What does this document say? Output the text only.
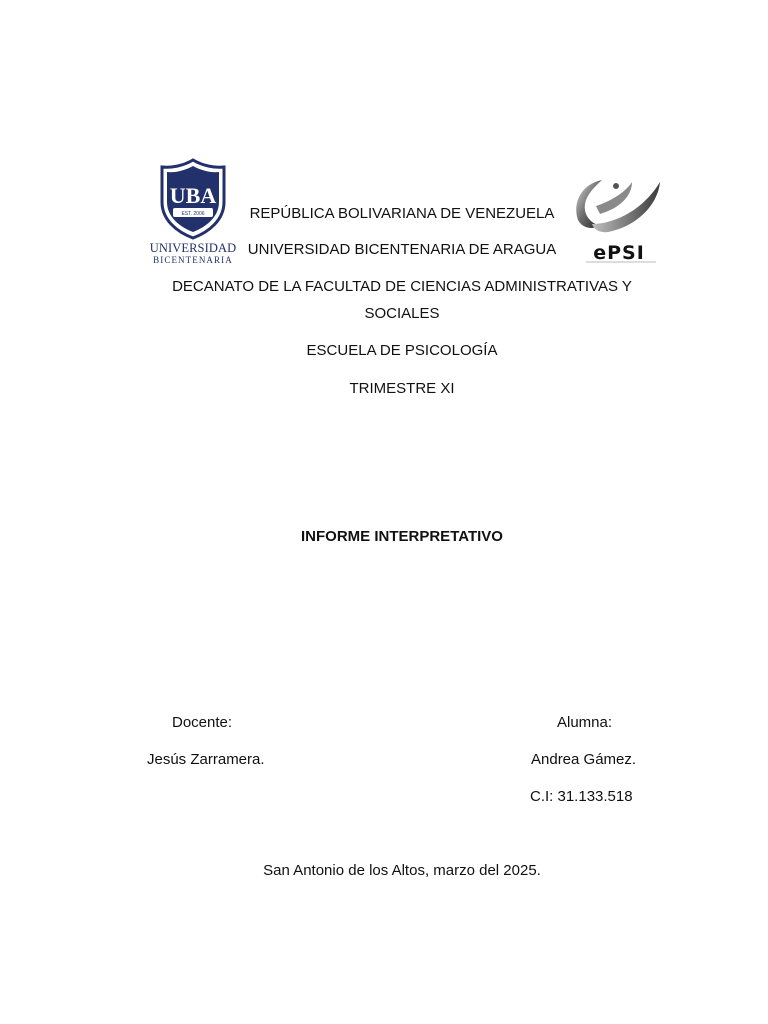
UBA
EST. 2006
UNIVERSIDAD
BICENTENARIA	ePSI
REPÚBLICA BOLIVARIANA DE VENEZUELA
UNIVERSIDAD BICENTENARIA DE ARAGUA
DECANATO DE LA FACULTAD DE CIENCIAS ADMINISTRATIVAS Y
SOCIALES
ESCUELA DE PSICOLOGÍA
TRIMESTRE XI
INFORME INTERPRETATIVO
Docente:
Jesús Zarramera.
Alumna:
Andrea Gámez.
C.I: 31.133.518
San Antonio de los Altos, marzo del 2025.
